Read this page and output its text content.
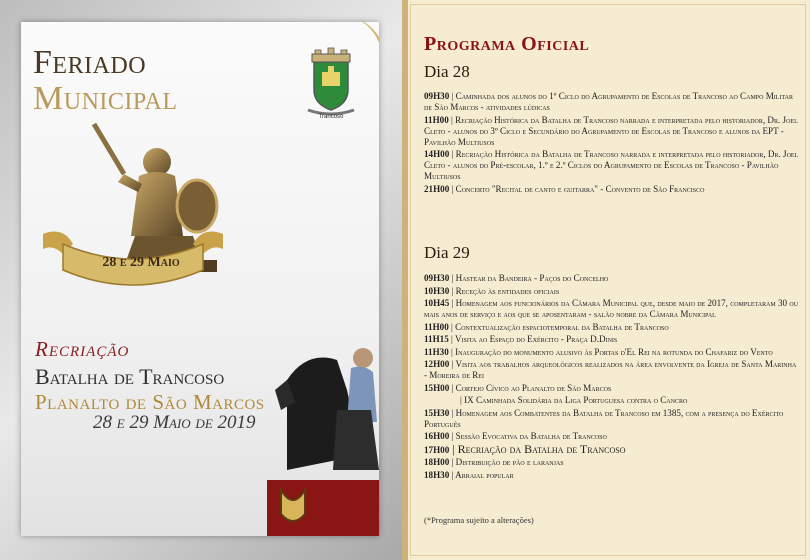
Feriado
Municipal	Trancoso
28 e 29 Maio
Recriação
Batalha de Trancoso
Planalto de São Marcos
28 e 29 Maio de 2019
Programa Oficial
Dia 28
09H30 | Caminhada dos alunos do 1º Ciclo do Agrupamento de Escolas de Trancoso ao Campo Militar de São Marcos - atividades lúdicas
11H00 | Recriação Histórica da Batalha de Trancoso narrada e interpretada pelo historiador, Dr. Joel Cleto - alunos do 3º Ciclo e Secundário do Agrupamento de Escolas de Trancoso e alunos da EPT - Pavilhão Multiusos
14H00 | Recriação Histórica da Batalha de Trancoso narrada e interpretada pelo historiador, Dr. Joel Cleto - alunos do Pré-escolar, 1.º e 2.º Ciclos do Agrupamento de Escolas de Trancoso - Pavilhão Multiusos
21H00 | Concerto "Recital de canto e guitarra" - Convento de São Francisco
Dia 29
09H30 | Hastear da Bandeira - Paços do Concelho
10H30 | Receção às entidades oficiais
10H45 | Homenagem aos funcionários da Câmara Municipal que, desde maio de 2017, completaram 30 ou mais anos de serviço e aos que se aposentaram - salão nobre da Câmara Municipal
11H00 | Contextualização espaciotemporal da Batalha de Trancoso
11H15 | Visita ao Espaço do Exército - Praça D.Dinis
11H30 | Inauguração do monumento alusivo às Portas d'El Rei na rotunda do Chafariz do Vento
12H00 | Visita aos trabalhos arqueológicos realizados na área envolvente da Igreja de Santa Marinha - Moreira de Rei
15H00 | Cortejo Cívico ao Planalto de São Marcos
| IX Caminhada Solidária da Liga Portuguesa contra o Cancro
15H30 | Homenagem aos Combatentes da Batalha de Trancoso em 1385, com a presença do Exército Português
16H00 | Sessão Evocativa da Batalha de Trancoso
17H00 | Recriação da Batalha de Trancoso
18H00 | Distribuição de pão e laranjas
18H30 | Arraial popular
(*Programa sujeito a alterações)
